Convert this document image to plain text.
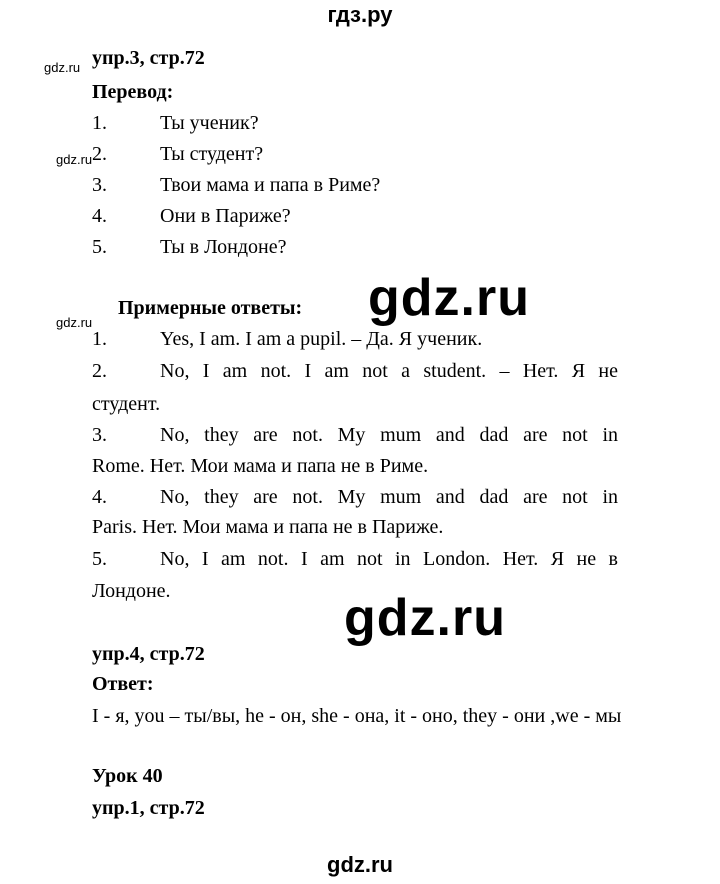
гдз.ру
gdz.ru
gdz.ru
gdz.ru	gdz.ru
gdz.ru
упр.3, стр.72
Перевод:
1.	Ты ученик?
2.	Ты студент?
3.	Твои мама и папа в Риме?
4.	Они в Париже?
5.	Ты в Лондоне?
Примерные ответы:
1.	Yes, I am. I am a pupil. – Да. Я ученик.
2.	No, I am not. I am not a student. – Нет. Я не
студент.
3.	No, they are not. My mum and dad are not in
Rome. Нет. Мои мама и папа не в Риме.
4.	No, they are not. My mum and dad are not in
Paris. Нет. Мои мама и папа не в Париже.
5.	No, I am not. I am not in London. Нет. Я не в
Лондоне.
упр.4, стр.72
Ответ:
I - я, you – ты/вы, he - он, she - она, it - оно, they - они ,we - мы
Урок 40
упр.1, стр.72
gdz.ru
